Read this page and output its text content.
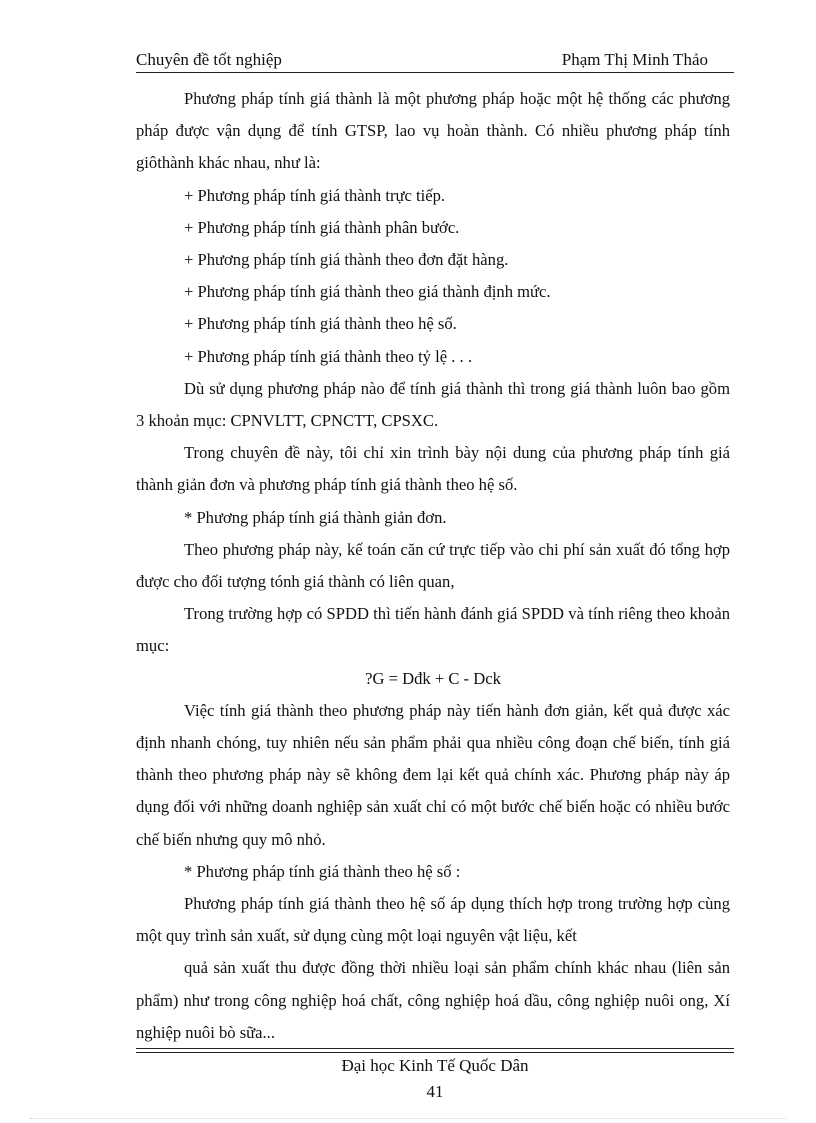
Chuyên đề tốt nghiệp	Phạm Thị Minh Thảo

Phương pháp tính giá thành là một phương pháp hoặc một hệ thống các phương pháp được vận dụng để tính GTSP, lao vụ hoàn thành. Có nhiều phương pháp tính giôthành khác nhau, như là:

+ Phương pháp tính giá thành trực tiếp.

+ Phương pháp tính giá thành phân bước.

+ Phương pháp tính giá thành theo đơn đặt hàng.

+ Phương pháp tính giá thành theo giá thành định mức.

+ Phương pháp tính giá thành theo hệ số.

+ Phương pháp tính giá thành theo tỷ lệ . . .

Dù sử dụng phương pháp nào để tính giá thành thì trong giá thành luôn bao gồm 3 khoản mục: CPNVLTT, CPNCTT, CPSXC.

Trong chuyên đề này, tôi chỉ xin trình bày nội dung của phương pháp tính giá thành giản đơn và phương pháp tính giá thành theo hệ số.

* Phương pháp tính giá thành giản đơn.

Theo phương pháp này, kế toán căn cứ trực tiếp vào chi phí sản xuất đó tổng hợp được cho đối tượng tónh giá thành có liên quan,

Trong trường hợp có SPDD thì tiến hành đánh giá SPDD và tính riêng theo khoản mục:

?G = Dđk + C - Dck

Việc tính giá thành theo phương pháp này tiến hành đơn giản, kết quả được xác định nhanh chóng, tuy nhiên nếu sản phẩm phải qua nhiều công đoạn chế biến, tính giá thành theo phương pháp này sẽ không đem lại kết quả chính xác. Phương pháp này áp dụng đối với những doanh nghiệp sản xuất chỉ có một bước chế biến hoặc có nhiều bước chế biến nhưng quy mô nhỏ.

* Phương pháp tính giá thành theo hệ số :

Phương pháp tính giá thành theo hệ số áp dụng thích hợp trong trường hợp cùng một quy trình sản xuất, sử dụng cùng một loại nguyên vật liệu, kết

quả sản xuất thu được đồng thời nhiều loại sản phẩm chính khác nhau (liên sản phẩm) như trong công nghiệp hoá chất, công nghiệp hoá dầu, công nghiệp nuôi ong, Xí nghiệp nuôi bò sữa...

Đại học Kinh Tế Quốc Dân
41
